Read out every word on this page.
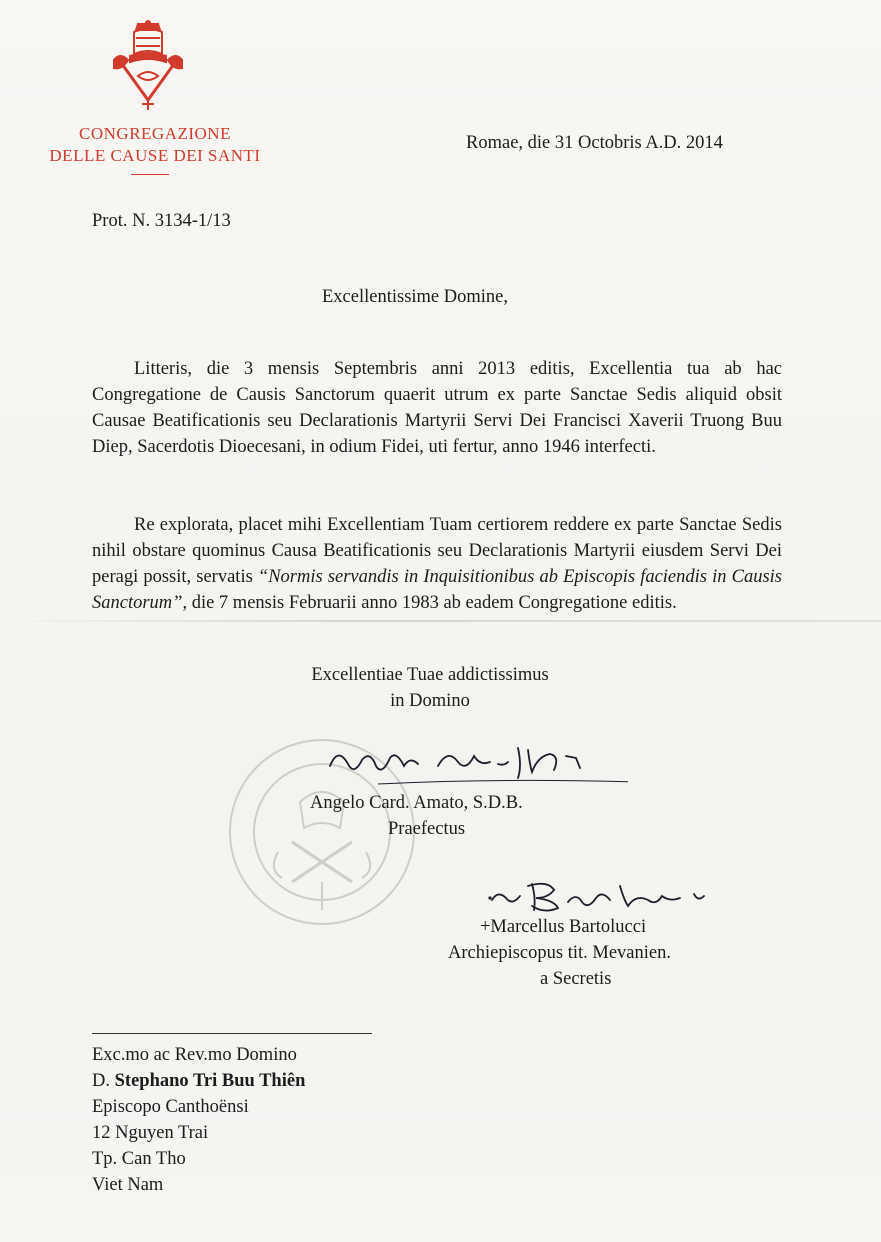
CONGREGAZIONE
DELLE CAUSE DEI SANTI
Romae, die 31 Octobris A.D. 2014
Prot. N. 3134-1/13
Excellentissime Domine,

Litteris, die 3 mensis Septembris anni 2013 editis, Excellentia tua ab hac Congregatione de Causis Sanctorum quaerit utrum ex parte Sanctae Sedis aliquid obsit Causae Beatificationis seu Declarationis Martyrii Servi Dei Francisci Xaverii Truong Buu Diep, Sacerdotis Dioecesani, in odium Fidei, uti fertur, anno 1946 interfecti.

Re explorata, placet mihi Excellentiam Tuam certiorem reddere ex parte Sanctae Sedis nihil obstare quominus Causa Beatificationis seu Declarationis Martyrii eiusdem Servi Dei peragi possit, servatis “Normis servandis in Inquisitionibus ab Episcopis faciendis in Causis Sanctorum”, die 7 mensis Februarii anno 1983 ab eadem Congregatione editis.

Excellentiae Tuae addictissimus
in Domino
Angelo Card. Amato, S.D.B.
Praefectus
+Marcellus Bartolucci
Archiepiscopus tit. Mevanien.
a Secretis
Exc.mo ac Rev.mo Domino
D. Stephano Tri Buu Thiên
Episcopo Canthoënsi
12 Nguyen Trai
Tp. Can Tho
Viet Nam
